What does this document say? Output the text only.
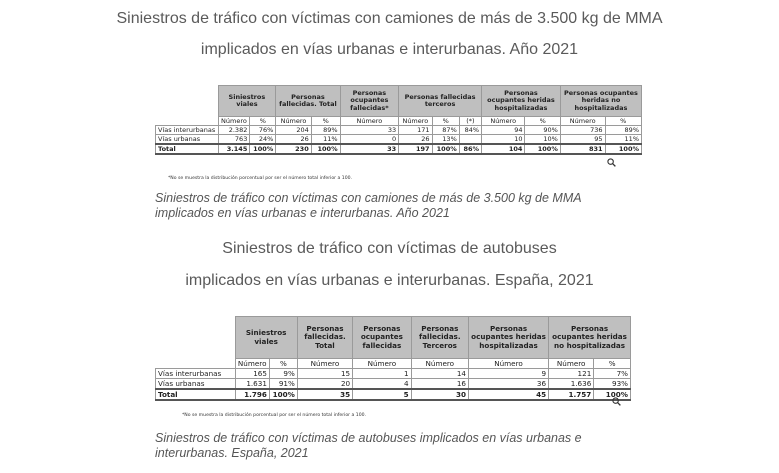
Siniestros de tráfico con víctimas con camiones de más de 3.500 kg de MMA
implicados en vías urbanas e interurbanas. Año 2021
	Siniestros viales		Personas fallecidas. Total		Personas ocupantes fallecidas*	Personas fallecidas terceros			Personas ocupantes heridas hospitalizadas		Personas ocupantes heridas no hospitalizadas	
	Número	%	Número	%	Número	Número	%	(*)	Número	%	Número	%
Vías interurbanas	2.382	76%	204	89%	33	171	87%	84%	94	90%	736	89%
Vías urbanas	763	24%	26	11%	0	26	13%		10	10%	95	11%
Total	3.145	100%	230	100%	33	197	100%	86%	104	100%	831	100%
*No se muestra la distribución porcentual por ser el número total inferior a 100.
Siniestros de tráfico con víctimas con camiones de más de 3.500 kg de MMA implicados en vías urbanas e interurbanas. Año 2021
Siniestros de tráfico con víctimas de autobuses
implicados en vías urbanas e interurbanas. España, 2021
	Siniestros viales		Personas fallecidas. Total	Personas ocupantes fallecidas	Personas fallecidas. Terceros	Personas ocupantes heridas hospitalizadas	Personas ocupantes heridas no hospitalizadas	
	Número	%	Número	Número	Número	Número	Número	%
Vías interurbanas	165	9%	15	1	14	9	121	7%
Vías urbanas	1.631	91%	20	4	16	36	1.636	93%
Total	1.796	100%	35	5	30	45	1.757	100%
*No se muestra la distribución porcentual por ser el número total inferior a 100.
Siniestros de tráfico con víctimas de autobuses implicados en vías urbanas e interurbanas. España, 2021
